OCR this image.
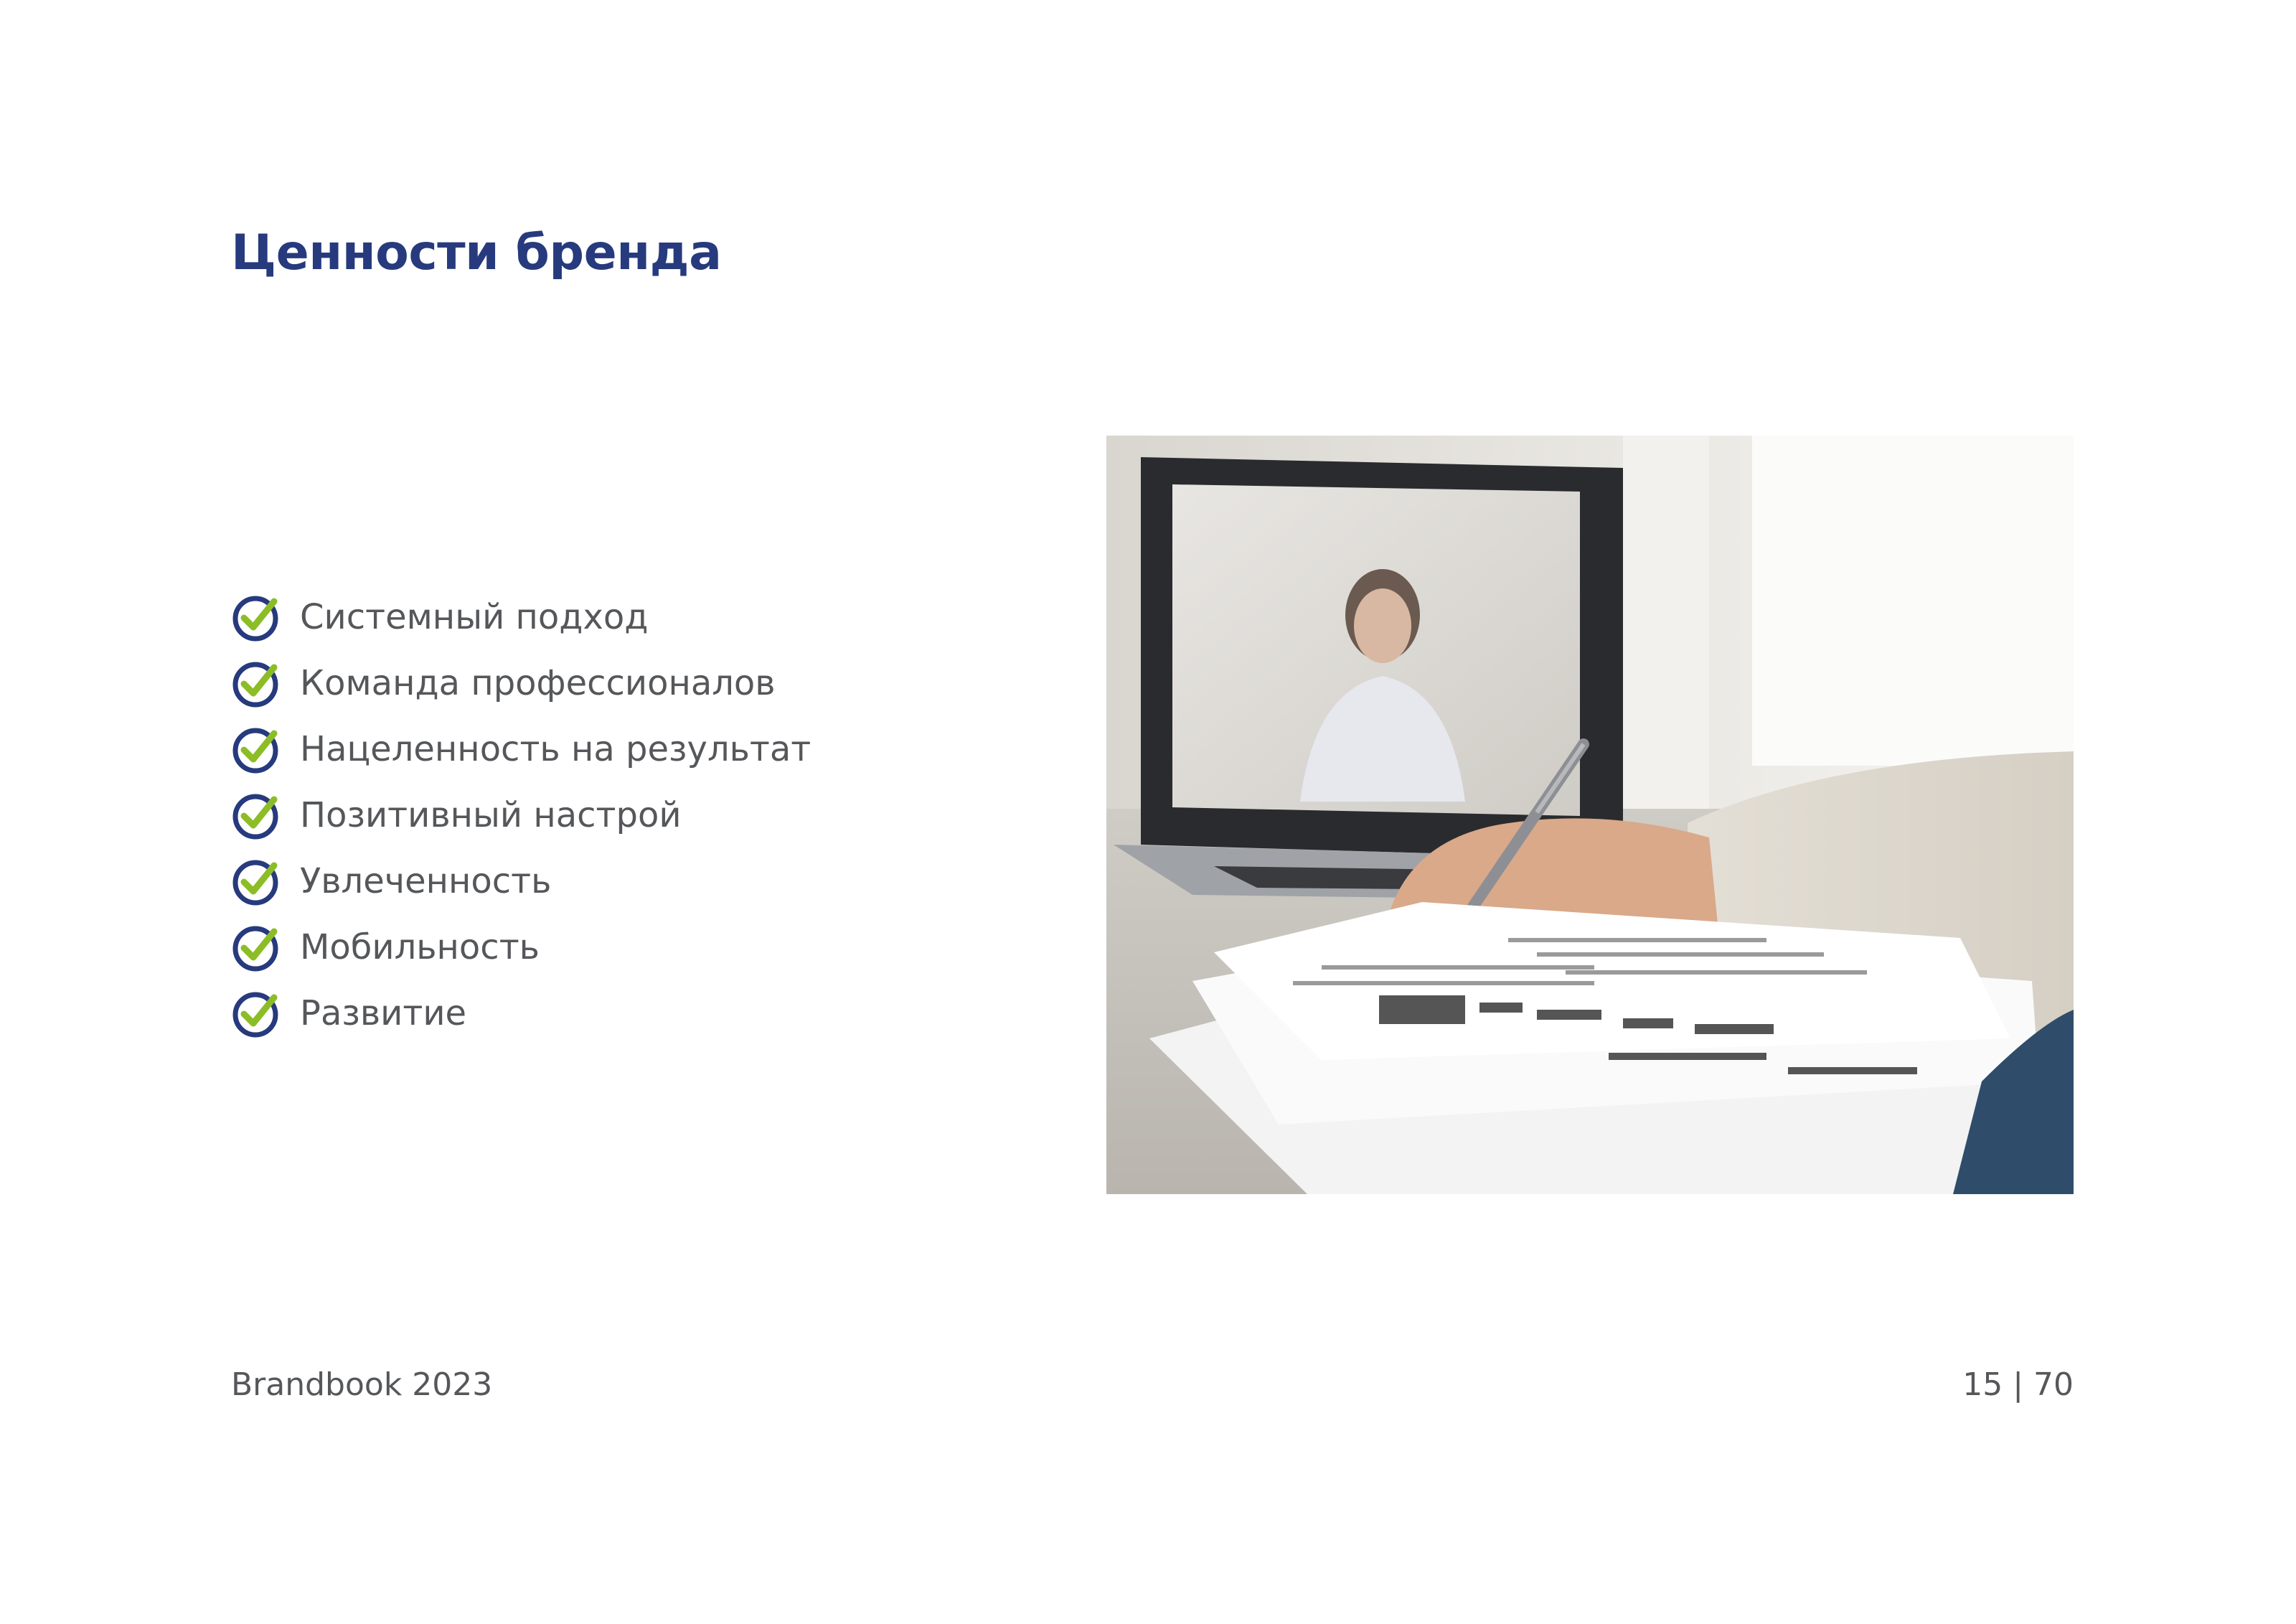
Ценности бренда
Системный подход
Команда профессионалов
Нацеленность на результат
Позитивный настрой
Увлеченность
Мобильность
Развитие
Brandbook 2023	15 | 70
